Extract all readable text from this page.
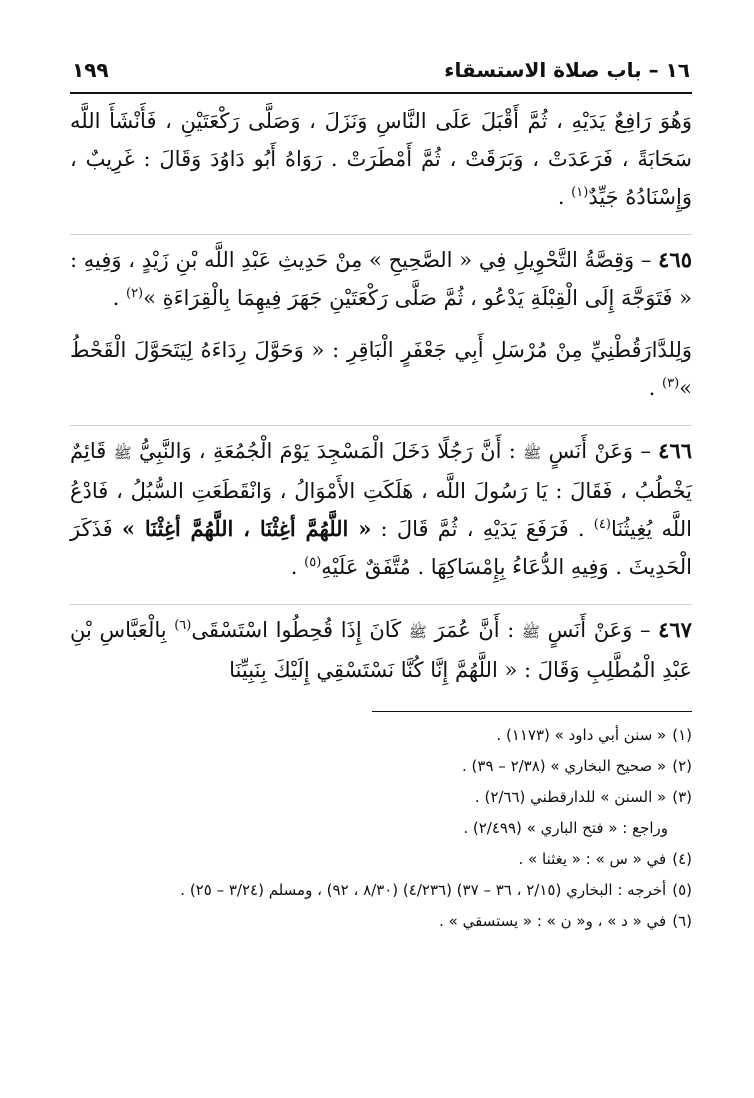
١٦ – باب صلاة الاستسقاء
١٩٩

وَهُوَ رَافِعٌ يَدَيْهِ ، ثُمَّ أَقْبَلَ عَلَى النَّاسِ وَنَزَلَ ، وَصَلَّى رَكْعَتَيْنِ ، فَأَنْشَأَ اللَّه سَحَابَةً ، فَرَعَدَتْ ، وَبَرَقَتْ ، ثُمَّ أَمْطَرَتْ . رَوَاهُ أَبُو دَاوُدَ وَقَالَ : غَرِيبٌ ، وَإِسْنَادُهُ جَيِّدٌ$^{(١)}$ .

٤٦٥ – وَقِصَّةُ التَّحْوِيلِ فِي « الصَّحِيحِ » مِنْ حَدِيثِ عَبْدِ اللَّه بْنِ زَيْدٍ ، وَفِيهِ : « فَتَوَجَّهَ إِلَى الْقِبْلَةِ يَدْعُو ، ثُمَّ صَلَّى رَكْعَتَيْنِ جَهَرَ فِيهِمَا بِالْقِرَاءَةِ »$^{(٢)}$ .

وَلِلدَّارَقُطْنِيِّ مِنْ مُرْسَلِ أَبِي جَعْفَرٍ الْبَاقِرِ : « وَحَوَّلَ رِدَاءَهُ لِيَتَحَوَّلَ الْقَحْطُ »$^{(٣)}$ .

٤٦٦ – وَعَنْ أَنَسٍ ﷺ : أَنَّ رَجُلًا دَخَلَ الْمَسْجِدَ يَوْمَ الْجُمُعَةِ ، وَالنَّبِيُّ ﷺ قَائِمٌ يَخْطُبُ ، فَقَالَ : يَا رَسُولَ اللَّه ، هَلَكَتِ الأَمْوَالُ ، وَانْقَطَعَتِ السُّبُلُ ، فَادْعُ اللَّه يُغِيثُنَا$^{(٤)}$ . فَرَفَعَ يَدَيْهِ ، ثُمَّ قَالَ : « اللَّهُمَّ أغِثْنَا ، اللَّهُمَّ أغِثْنَا » فَذَكَرَ الْحَدِيثَ . وَفِيهِ الدُّعَاءُ بِإِمْسَاكِهَا . مُتَّفَقٌ عَلَيْهِ$^{(٥)}$ .

٤٦٧ – وَعَنْ أَنَسٍ ﷺ : أَنَّ عُمَرَ ﷺ كَانَ إِذَا قُحِطُوا اسْتَسْقَى$^{(٦)}$ بِالْعَبَّاسِ بْنِ عَبْدِ الْمُطَّلِبِ وَقَالَ : « اللَّهُمَّ إِنَّا كُنَّا نَسْتَسْقِي إِلَيْكَ بِنَبِيِّنَا

(١)« سنن أبي داود » (١١٧٣) .

(٢)« صحيح البخاري » (٢/٣٨ – ٣٩) .

(٣)« السنن » للدارقطني (٢/٦٦) .

وراجع : « فتح الباري » (٢/٤٩٩) .

(٤)في « س » : « يغثنا » .

(٥)أخرجه : البخاري (٢/١٥ ، ٣٦ – ٣٧) (٤/٢٣٦) (٨/٣٠ ، ٩٢) ، ومسلم (٣/٢٤ – ٢٥) .

(٦)في « د » ، و« ن » : « يستسقي » .
